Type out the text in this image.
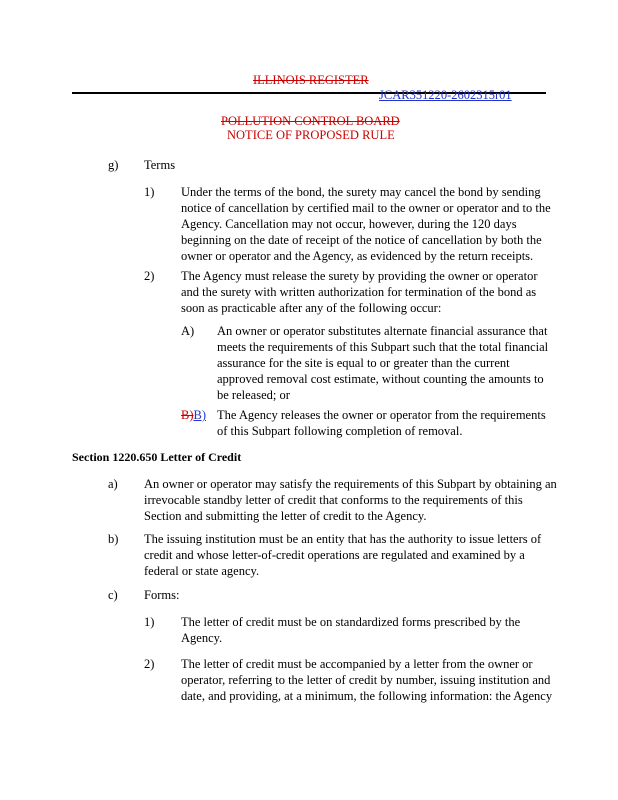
ILLINOIS REGISTER
JCAR351220-2602315r01
POLLUTION CONTROL BOARD
NOTICE OF PROPOSED RULE
g) Terms
1) Under the terms of the bond, the surety may cancel the bond by sending
notice of cancellation by certified mail to the owner or operator and to the
Agency. Cancellation may not occur, however, during the 120 days
beginning on the date of receipt of the notice of cancellation by both the
owner or operator and the Agency, as evidenced by the return receipts.
2) The Agency must release the surety by providing the owner or operator
and the surety with written authorization for termination of the bond as
soon as practicable after any of the following occur:
A) An owner or operator substitutes alternate financial assurance that
meets the requirements of this Subpart such that the total financial
assurance for the site is equal to or greater than the current
approved removal cost estimate, without counting the amounts to
be released; or
B)B) The Agency releases the owner or operator from the requirements
of this Subpart following completion of removal.
Section 1220.650 Letter of Credit
a) An owner or operator may satisfy the requirements of this Subpart by obtaining an
irrevocable standby letter of credit that conforms to the requirements of this
Section and submitting the letter of credit to the Agency.
b) The issuing institution must be an entity that has the authority to issue letters of
credit and whose letter-of-credit operations are regulated and examined by a
federal or state agency.
c) Forms:
1) The letter of credit must be on standardized forms prescribed by the
Agency.
2) The letter of credit must be accompanied by a letter from the owner or
operator, referring to the letter of credit by number, issuing institution and
date, and providing, at a minimum, the following information: the Agency
